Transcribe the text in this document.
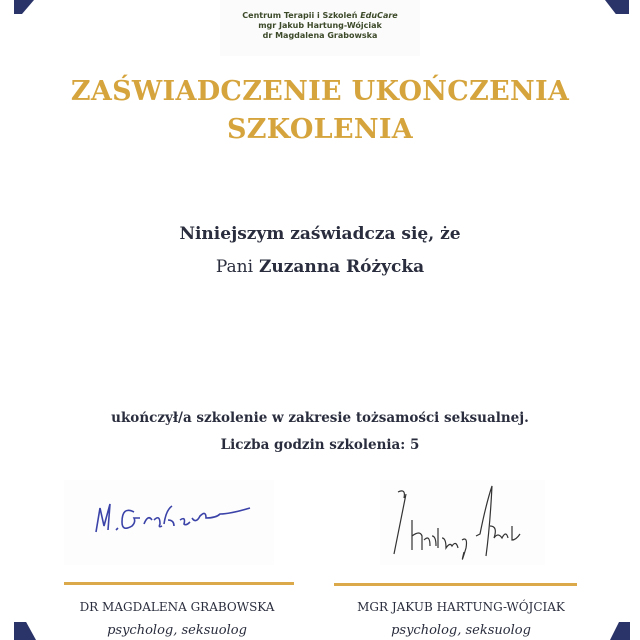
Centrum Terapii i Szkoleń EduCare
mgr Jakub Hartung-Wójciak
dr Magdalena Grabowska
ZAŚWIADCZENIE UKOŃCZENIA
SZKOLENIA
Niniejszym zaświadcza się, że
Pani Zuzanna Różycka
ukończył/a szkolenie w zakresie tożsamości seksualnej.
Liczba godzin szkolenia: 5
DR MAGDALENA GRABOWSKA
psycholog, seksuolog
MGR JAKUB HARTUNG-WÓJCIAK
psycholog, seksuolog
